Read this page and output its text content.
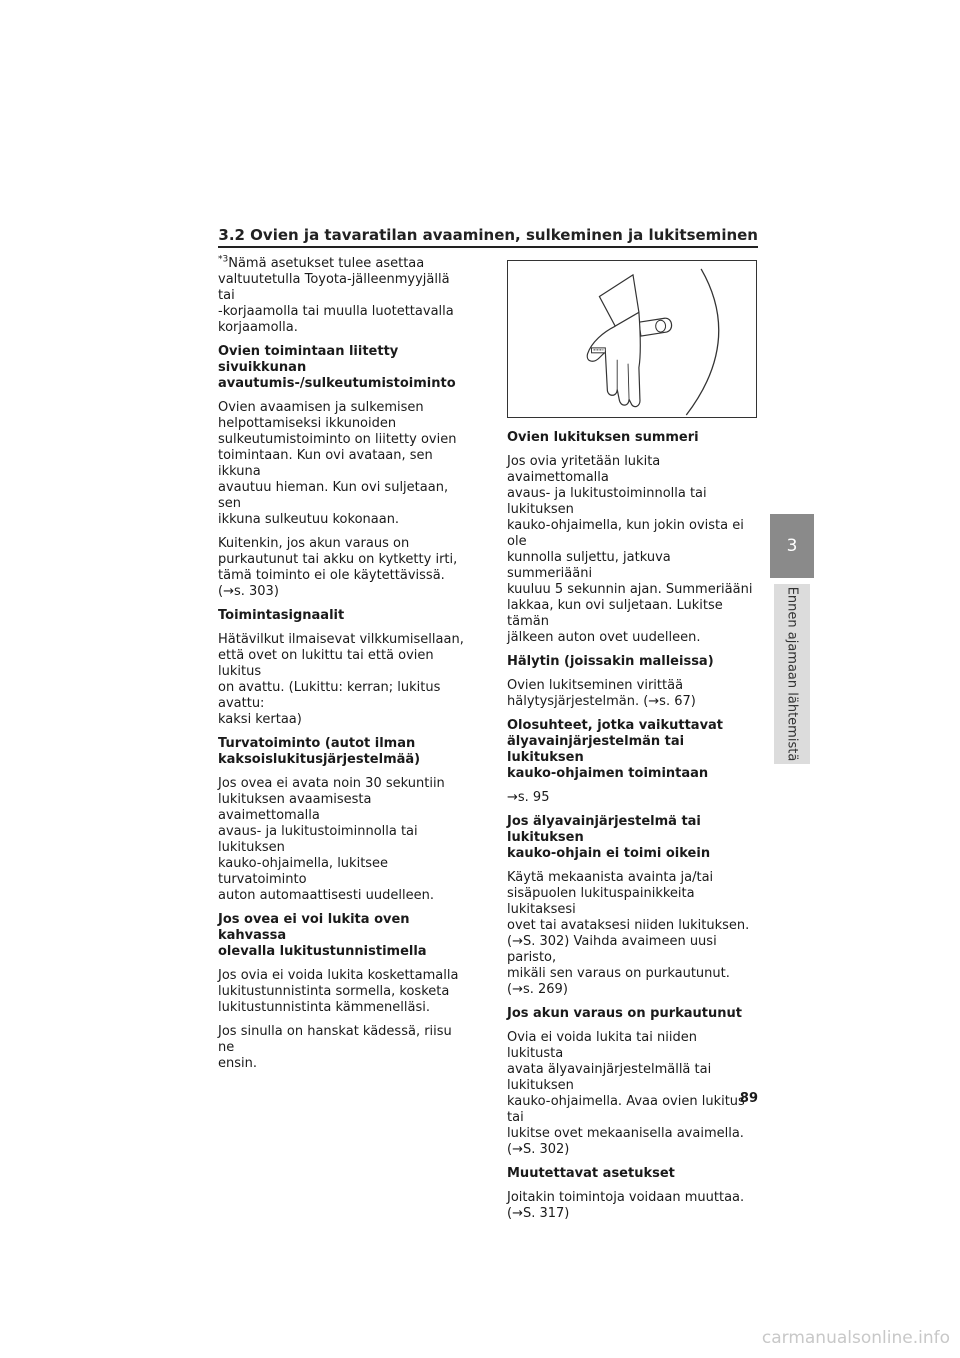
3.2 Ovien ja tavaratilan avaaminen, sulkeminen ja lukitseminen

$^{*3}$Nämä asetukset tulee asettaa
valtuutetulla Toyota-jälleenmyyjällä tai
-korjaamolla tai muulla luotettavalla
korjaamolla.

Ovien toimintaan liitetty sivuikkunan
avautumis-/sulkeutumistoiminto

Ovien avaamisen ja sulkemisen
helpottamiseksi ikkunoiden
sulkeutumistoiminto on liitetty ovien
toimintaan. Kun ovi avataan, sen ikkuna
avautuu hieman. Kun ovi suljetaan, sen
ikkuna sulkeutuu kokonaan.

Kuitenkin, jos akun varaus on
purkautunut tai akku on kytketty irti,
tämä toiminto ei ole käytettävissä.
(→s. 303)

Toimintasignaalit

Hätävilkut ilmaisevat vilkkumisellaan,
että ovet on lukittu tai että ovien lukitus
on avattu. (Lukittu: kerran; lukitus avattu:
kaksi kertaa)

Turvatoiminto (autot ilman
kaksoislukitusjärjestelmää)

Jos ovea ei avata noin 30 sekuntiin
lukituksen avaamisesta avaimettomalla
avaus- ja lukitustoiminnolla tai lukituksen
kauko-ohjaimella, lukitsee turvatoiminto
auton automaattisesti uudelleen.

Jos ovea ei voi lukita oven kahvassa
olevalla lukitustunnistimella

Jos ovia ei voida lukita koskettamalla
lukitustunnistinta sormella, kosketa
lukitustunnistinta kämmenelläsi.

Jos sinulla on hanskat kädessä, riisu ne
ensin.

Ovien lukituksen summeri

Jos ovia yritetään lukita avaimettomalla
avaus- ja lukitustoiminnolla tai lukituksen
kauko-ohjaimella, kun jokin ovista ei ole
kunnolla suljettu, jatkuva summeriääni
kuuluu 5 sekunnin ajan. Summeriääni
lakkaa, kun ovi suljetaan. Lukitse tämän
jälkeen auton ovet uudelleen.

Hälytin (joissakin malleissa)

Ovien lukitseminen virittää
hälytysjärjestelmän. (→s. 67)

Olosuhteet, jotka vaikuttavat
älyavainjärjestelmän tai lukituksen
kauko-ohjaimen toimintaan

→s. 95

Jos älyavainjärjestelmä tai lukituksen
kauko-ohjain ei toimi oikein

Käytä mekaanista avainta ja/tai
sisäpuolen lukituspainikkeita lukitaksesi
ovet tai avataksesi niiden lukituksen.
(→S. 302) Vaihda avaimeen uusi paristo,
mikäli sen varaus on purkautunut.
(→s. 269)

Jos akun varaus on purkautunut

Ovia ei voida lukita tai niiden lukitusta
avata älyavainjärjestelmällä tai lukituksen
kauko-ohjaimella. Avaa ovien lukitus tai
lukitse ovet mekaanisella avaimella.
(→S. 302)

Muutettavat asetukset

Joitakin toimintoja voidaan muuttaa.
(→S. 317)

3
Ennen ajamaan lähtemistä
89
carmanualsonline.info
